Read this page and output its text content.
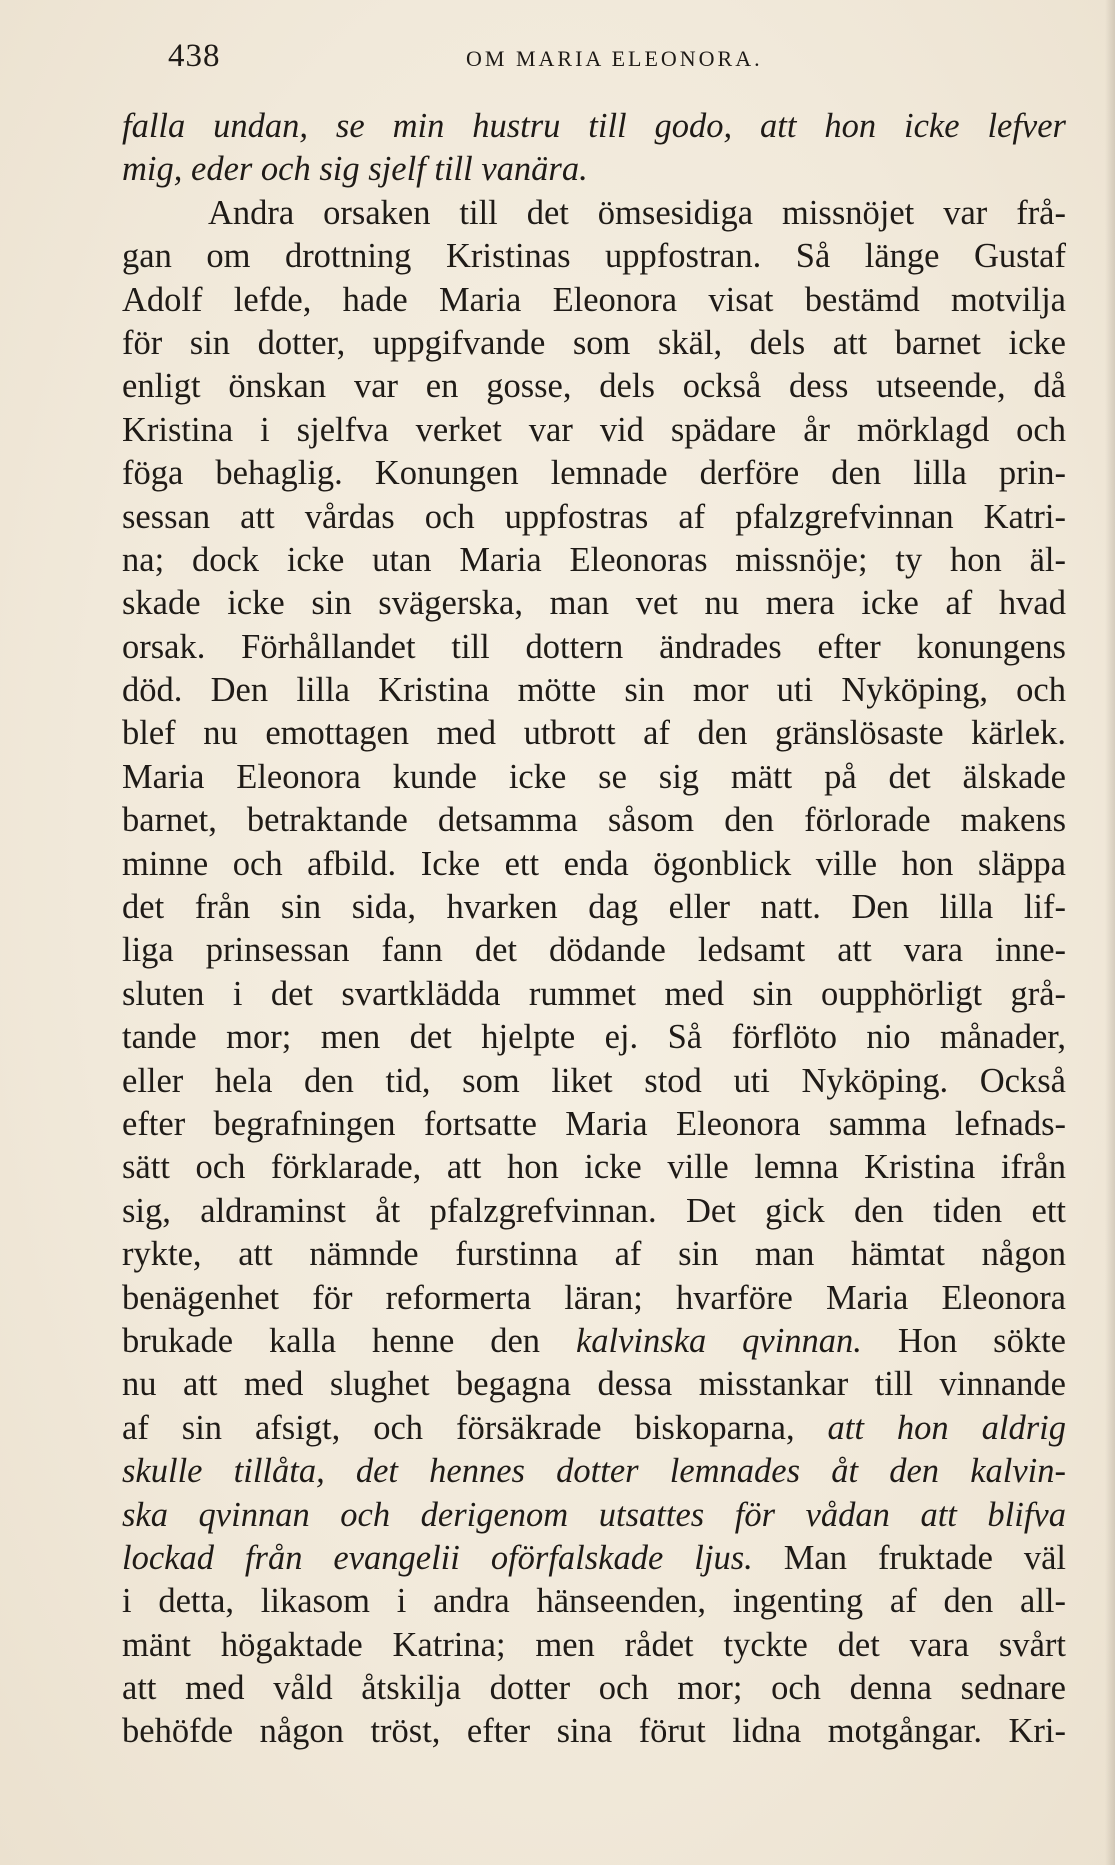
438	OM MARIA ELEONORA.
falla undan, se min hustru till godo, att hon icke lefver
mig, eder och sig sjelf till vanära.
Andra orsaken till det ömsesidiga missnöjet var frå-
gan om drottning Kristinas uppfostran. Så länge Gustaf
Adolf lefde, hade Maria Eleonora visat bestämd motvilja
för sin dotter, uppgifvande som skäl, dels att barnet icke
enligt önskan var en gosse, dels också dess utseende, då
Kristina i sjelfva verket var vid spädare år mörklagd och
föga behaglig. Konungen lemnade derföre den lilla prin-
sessan att vårdas och uppfostras af pfalzgrefvinnan Katri-
na; dock icke utan Maria Eleonoras missnöje; ty hon äl-
skade icke sin svägerska, man vet nu mera icke af hvad
orsak. Förhållandet till dottern ändrades efter konungens
död. Den lilla Kristina mötte sin mor uti Nyköping, och
blef nu emottagen med utbrott af den gränslösaste kärlek.
Maria Eleonora kunde icke se sig mätt på det älskade
barnet, betraktande detsamma såsom den förlorade makens
minne och afbild. Icke ett enda ögonblick ville hon släppa
det från sin sida, hvarken dag eller natt. Den lilla lif-
liga prinsessan fann det dödande ledsamt att vara inne-
sluten i det svartklädda rummet med sin oupphörligt grå-
tande mor; men det hjelpte ej. Så förflöto nio månader,
eller hela den tid, som liket stod uti Nyköping. Också
efter begrafningen fortsatte Maria Eleonora samma lefnads-
sätt och förklarade, att hon icke ville lemna Kristina ifrån
sig, aldraminst åt pfalzgrefvinnan. Det gick den tiden ett
rykte, att nämnde furstinna af sin man hämtat någon
benägenhet för reformerta läran; hvarföre Maria Eleonora
brukade kalla henne den kalvinska qvinnan. Hon sökte
nu att med slughet begagna dessa misstankar till vinnande
af sin afsigt, och försäkrade biskoparna, att hon aldrig
skulle tillåta, det hennes dotter lemnades åt den kalvin-
ska qvinnan och derigenom utsattes för vådan att blifva
lockad från evangelii oförfalskade ljus. Man fruktade väl
i detta, likasom i andra hänseenden, ingenting af den all-
mänt högaktade Katrina; men rådet tyckte det vara svårt
att med våld åtskilja dotter och mor; och denna sednare
behöfde någon tröst, efter sina förut lidna motgångar. Kri-
